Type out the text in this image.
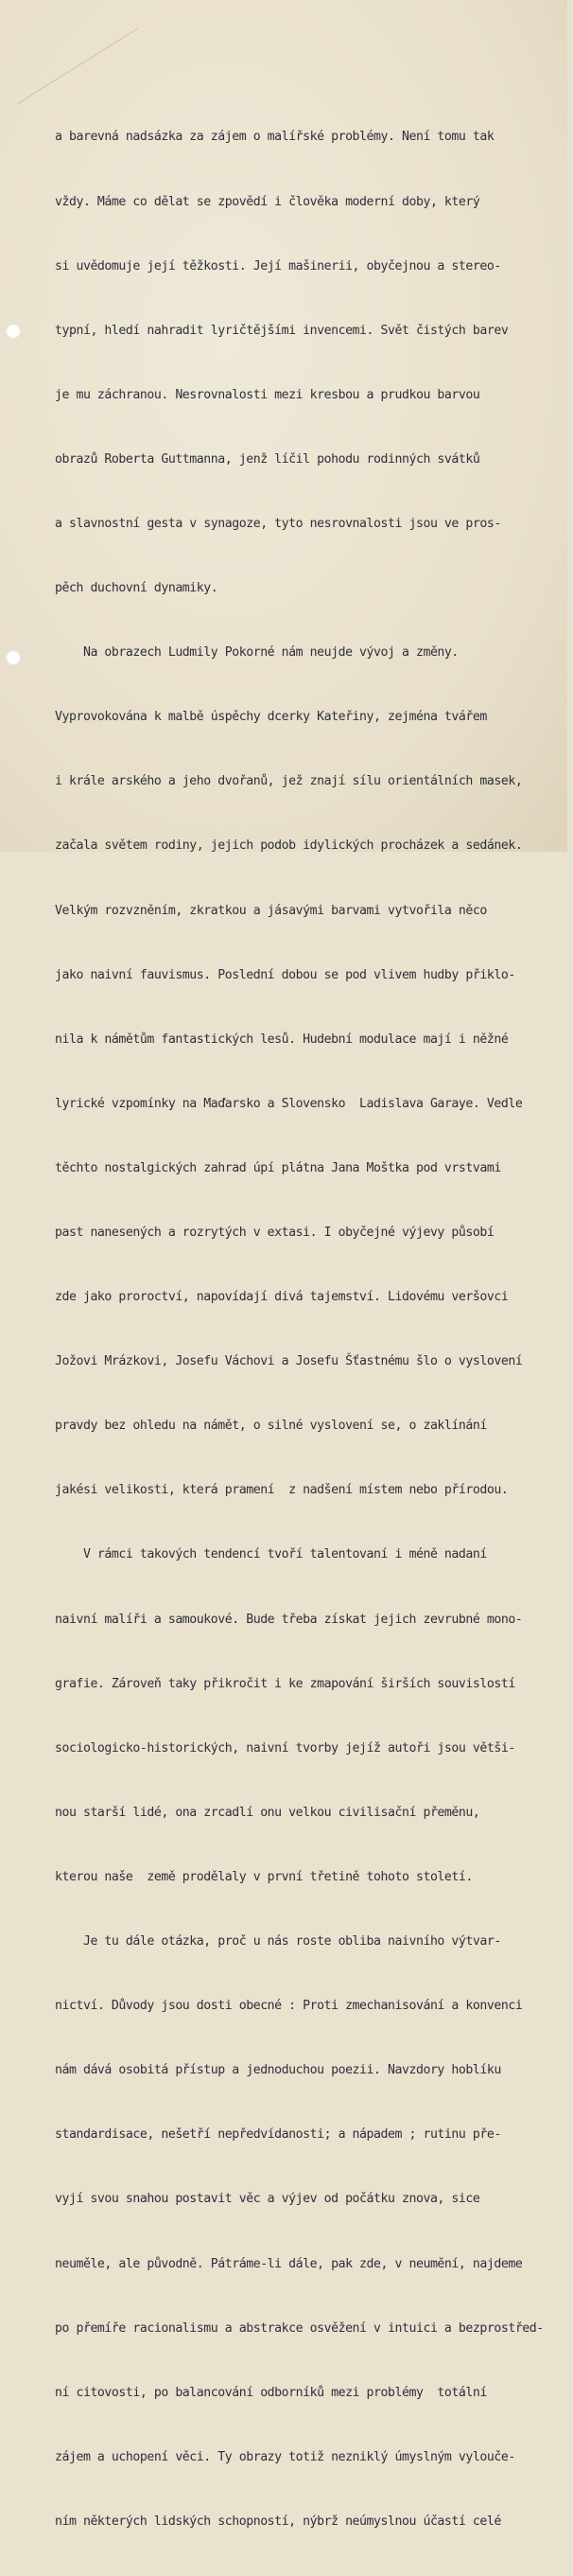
a barevná nadsázka za zájem o malířské problémy. Není tomu tak

vždy. Máme co dělat se zpovědí i člověka moderní doby, který

si uvědomuje její těžkosti. Její mašinerii, obyčejnou a stereo-

typní, hledí nahradit lyričtějšími invencemi. Svět čistých barev

je mu záchranou. Nesrovnalosti mezi kresbou a prudkou barvou

obrazů Roberta Guttmanna, jenž líčil pohodu rodinných svátků

a slavnostní gesta v synagoze, tyto nesrovnalosti jsou ve pros-

pěch duchovní dynamiky.

Na obrazech Ludmily Pokorné nám neujde vývoj a změny.

Vyprovokována k malbě úspěchy dcerky Kateřiny, zejména tvářem

i krále arského a jeho dvořanů, jež znají sílu orientálních masek,

začala světem rodiny, jejich podob idylických procházek a sedánek.

Velkým rozvzněním, zkratkou a jásavými barvami vytvořila něco

jako naivní fauvismus. Poslední dobou se pod vlivem hudby přiklo-

nila k námětům fantastických lesů. Hudební modulace mají i něžné

lyrické vzpomínky na Maďarsko a Slovensko  Ladislava Garaye. Vedle

těchto nostalgických zahrad úpí plátna Jana Moštka pod vrstvami

past nanesených a rozrytých v extasi. I obyčejné výjevy působí

zde jako proroctví, napovídají divá tajemství. Lidovému veršovci

Jožovi Mrázkovi, Josefu Váchovi a Josefu Šťastnému šlo o vyslovení

pravdy bez ohledu na námět, o silné vyslovení se, o zaklínání

jakési velikosti, která pramení  z nadšení místem nebo přírodou.

V rámci takových tendencí tvoří talentovaní i méně nadaní

naivní malíři a samoukové. Bude třeba získat jejich zevrubné mono-

grafie. Zároveň taky přikročit i ke zmapování širších souvislostí

sociologicko-historických, naivní tvorby jejíž autoři jsou větši-

nou starší lidé, ona zrcadlí onu velkou civilisační přeměnu,

kterou naše  země prodělaly v první třetině tohoto století.

Je tu dále otázka, proč u nás roste obliba naivního výtvar-

nictví. Důvody jsou dosti obecné : Proti zmechanisování a konvenci

nám dává osobitá přístup a jednoduchou poezii. Navzdory hoblíku

standardisace, nešetří nepředvídanosti; a nápadem ; rutinu pře-

vyjí svou snahou postavit věc a výjev od počátku znova, sice

neuměle, ale původně. Pátráme-li dále, pak zde, v neumění, najdeme

po přemíře racionalismu a abstrakce osvěžení v intuici a bezprostřed-

ní citovosti, po balancování odborníků mezi problémy  totální

zájem a uchopení věci. Ty obrazy totiž nezniklý úmyslným vylouče-

ním některých lidských schopností, nýbrž neúmyslnou účastí celé
